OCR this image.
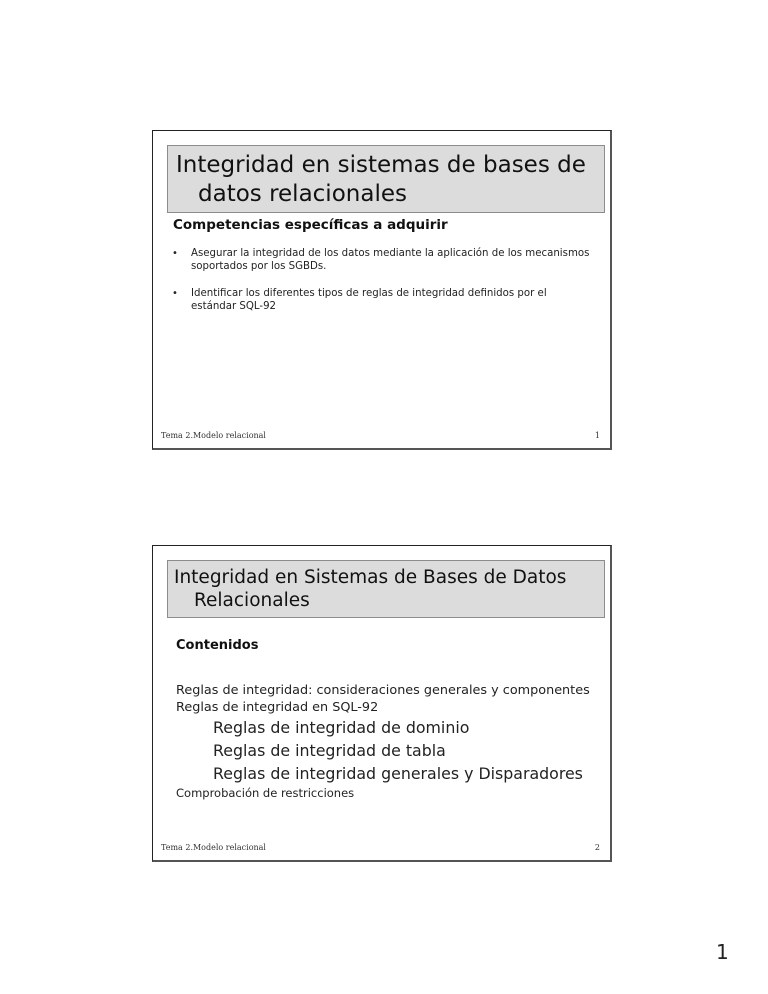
Integridad en sistemas de bases de datos relacionales
Competencias específicas a adquirir
• Asegurar la integridad de los datos mediante la aplicación de los mecanismos soportados por los SGBDs.
• Identificar los diferentes tipos de reglas de integridad definidos por el estándar SQL-92
Tema 2.Modelo relacional	1
Integridad en Sistemas de Bases de Datos Relacionales
Contenidos
Reglas de integridad: consideraciones generales y componentes
Reglas de integridad en SQL-92
Reglas de integridad de dominio
Reglas de integridad de tabla
Reglas de integridad generales y Disparadores
Comprobación de restricciones
Tema 2.Modelo relacional	2
1
